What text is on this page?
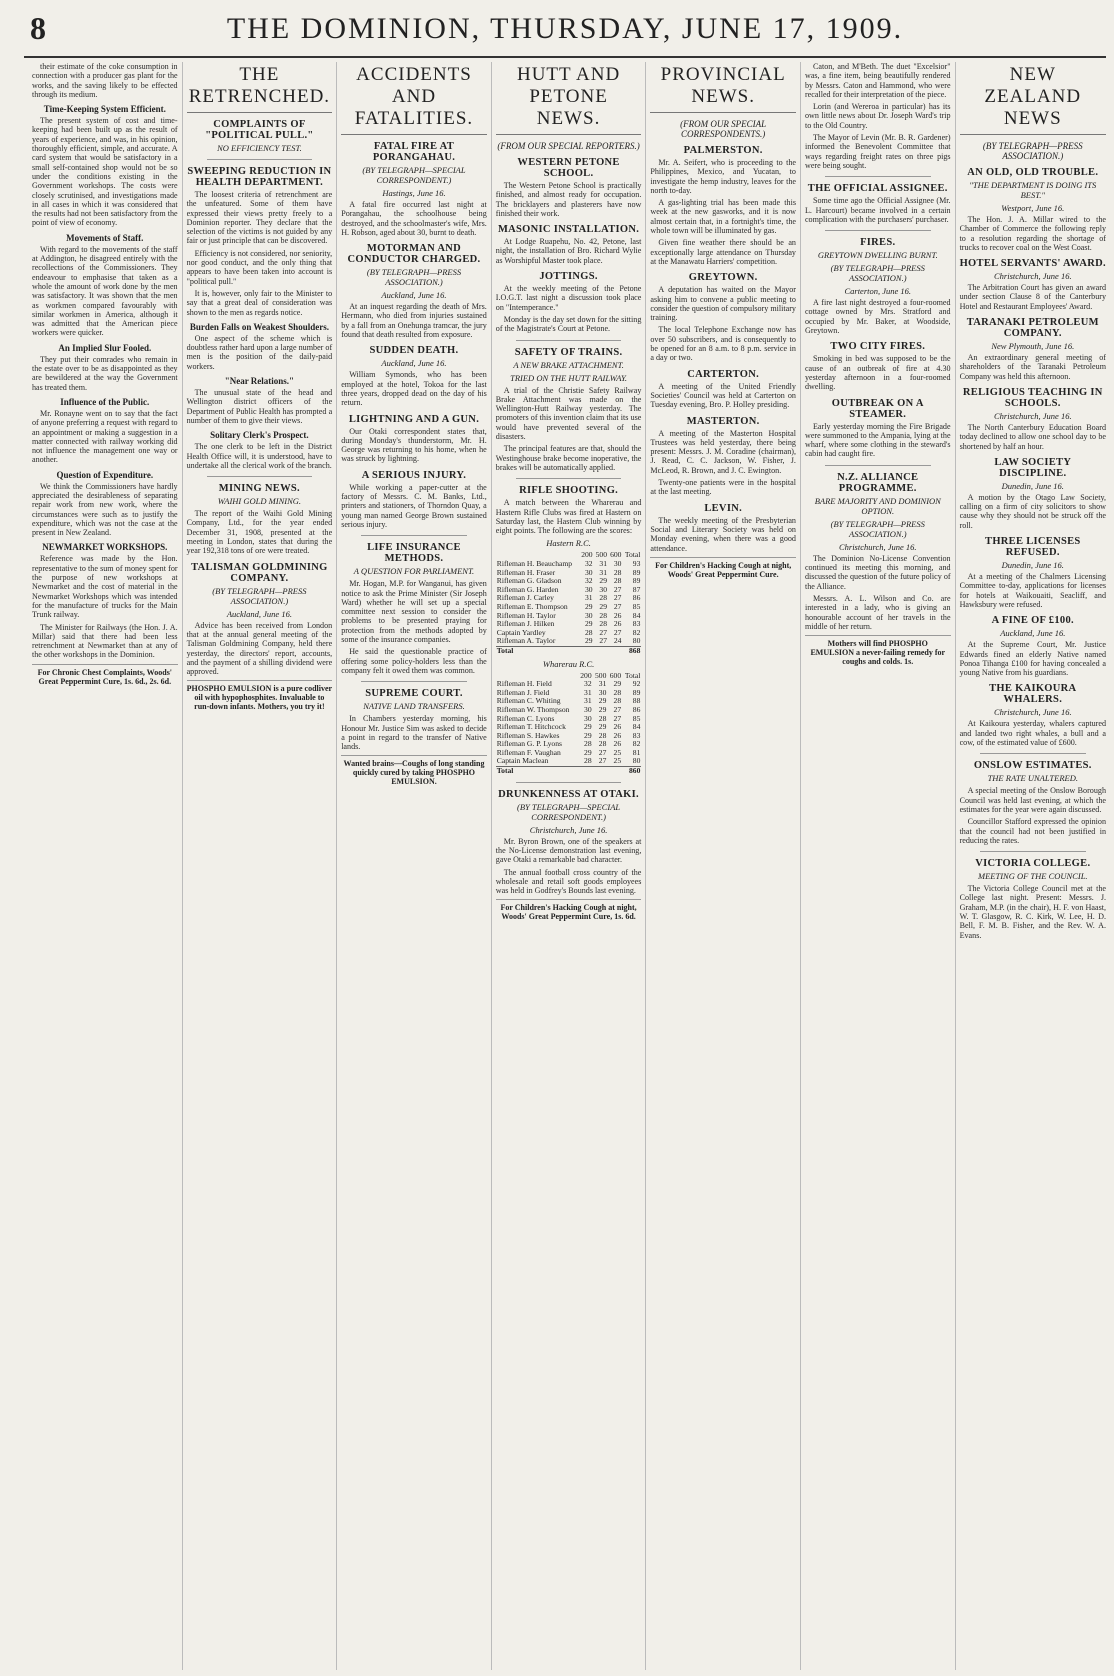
8	THE DOMINION, THURSDAY, JUNE 17, 1909.

their estimate of the coke consumption in connection with a producer gas plant for the works, and the saving likely to be effected through its medium.

Time-Keeping System Efficient.

The present system of cost and time-keeping had been built up as the result of years of experience, and was, in his opinion, thoroughly efficient, simple, and accurate. A card system that would be satisfactory in a small self-contained shop would not be so under the conditions existing in the Government workshops. The costs were closely scrutinised, and investigations made in all cases in which it was considered that the results had not been satisfactory from the point of view of economy.

Movements of Staff.

With regard to the movements of the staff at Addington, he disagreed entirely with the recollections of the Commissioners. They endeavour to emphasise that taken as a whole the amount of work done by the men was satisfactory. It was shown that the men as workmen compared favourably with similar workmen in America, although it was admitted that the American piece workers were quicker.

An Implied Slur Fooled.

They put their comrades who remain in the estate over to be as disappointed as they are bewildered at the way the Government has treated them.

Influence of the Public.

Mr. Ronayne went on to say that the fact of anyone preferring a request with regard to an appointment or making a suggestion in a matter connected with railway working did not influence the management one way or another.

Question of Expenditure.

We think the Commissioners have hardly appreciated the desirableness of separating repair work from new work, where the circumstances were such as to justify the expenditure, which was not the case at the present in New Zealand.

NEWMARKET WORKSHOPS.

Reference was made by the Hon. representative to the sum of money spent for the purpose of new workshops at Newmarket and the cost of material in the Newmarket Workshops which was intended for the manufacture of trucks for the Main Trunk railway.

The Minister for Railways (the Hon. J. A. Millar) said that there had been less retrenchment at Newmarket than at any of the other workshops in the Dominion.

For Chronic Chest Complaints, Woods' Great Peppermint Cure, 1s. 6d., 2s. 6d.
THE RETRENCHED.
COMPLAINTS OF "POLITICAL PULL."
NO EFFICIENCY TEST.
SWEEPING REDUCTION IN HEALTH DEPARTMENT.

The loosest criteria of retrenchment are the unfeatured. Some of them have expressed their views pretty freely to a Dominion reporter. They declare that the selection of the victims is not guided by any fair or just principle that can be discovered.

Efficiency is not considered, nor seniority, nor good conduct, and the only thing that appears to have been taken into account is "political pull."

It is, however, only fair to the Minister to say that a great deal of consideration was shown to the men as regards notice.

Burden Falls on Weakest Shoulders.

One aspect of the scheme which is doubtless rather hard upon a large number of men is the position of the daily-paid workers.

"Near Relations."

The unusual state of the head and Wellington district officers of the Department of Public Health has prompted a number of them to give their views.

Solitary Clerk's Prospect.

The one clerk to be left in the District Health Office will, it is understood, have to undertake all the clerical work of the branch.

MINING NEWS.
WAIHI GOLD MINING.

The report of the Waihi Gold Mining Company, Ltd., for the year ended December 31, 1908, presented at the meeting in London, states that during the year 192,318 tons of ore were treated.

TALISMAN GOLDMINING COMPANY.
(BY TELEGRAPH—PRESS ASSOCIATION.)
Auckland, June 16.

Advice has been received from London that at the annual general meeting of the Talisman Goldmining Company, held there yesterday, the directors' report, accounts, and the payment of a shilling dividend were approved.

PHOSPHO EMULSION is a pure codliver oil with hypophosphites. Invaluable to run-down infants. Mothers, you try it!
ACCIDENTS AND FATALITIES.
FATAL FIRE AT PORANGAHAU.
(BY TELEGRAPH—SPECIAL CORRESPONDENT.)
Hastings, June 16.

A fatal fire occurred last night at Porangahau, the schoolhouse being destroyed, and the schoolmaster's wife, Mrs. H. Robson, aged about 30, burnt to death.

MOTORMAN AND CONDUCTOR CHARGED.
(BY TELEGRAPH—PRESS ASSOCIATION.)
Auckland, June 16.

At an inquest regarding the death of Mrs. Hermann, who died from injuries sustained by a fall from an Onehunga tramcar, the jury found that death resulted from exposure.

SUDDEN DEATH.
Auckland, June 16.

William Symonds, who has been employed at the hotel, Tokoa for the last three years, dropped dead on the day of his return.

LIGHTNING AND A GUN.

Our Otaki correspondent states that, during Monday's thunderstorm, Mr. H. George was returning to his home, when he was struck by lightning.

A SERIOUS INJURY.

While working a paper-cutter at the factory of Messrs. C. M. Banks, Ltd., printers and stationers, of Thorndon Quay, a young man named George Brown sustained serious injury.

LIFE INSURANCE METHODS.
A QUESTION FOR PARLIAMENT.

Mr. Hogan, M.P. for Wanganui, has given notice to ask the Prime Minister (Sir Joseph Ward) whether he will set up a special committee next session to consider the problems to be presented praying for protection from the methods adopted by some of the insurance companies.

He said the questionable practice of offering some policy-holders less than the company felt it owed them was common.

SUPREME COURT.
NATIVE LAND TRANSFERS.

In Chambers yesterday morning, his Honour Mr. Justice Sim was asked to decide a point in regard to the transfer of Native lands.

Wanted brains—Coughs of long standing quickly cured by taking PHOSPHO EMULSION.
HUTT AND PETONE NEWS.
(FROM OUR SPECIAL REPORTERS.)
WESTERN PETONE SCHOOL.

The Western Petone School is practically finished, and almost ready for occupation. The bricklayers and plasterers have now finished their work.

MASONIC INSTALLATION.

At Lodge Ruapehu, No. 42, Petone, last night, the installation of Bro. Richard Wylie as Worshipful Master took place.

JOTTINGS.

At the weekly meeting of the Petone I.O.G.T. last night a discussion took place on "Intemperance."

Monday is the day set down for the sitting of the Magistrate's Court at Petone.

SAFETY OF TRAINS.
A NEW BRAKE ATTACHMENT.
TRIED ON THE HUTT RAILWAY.

A trial of the Christie Safety Railway Brake Attachment was made on the Wellington-Hutt Railway yesterday. The promoters of this invention claim that its use would have prevented several of the disasters.

The principal features are that, should the Westinghouse brake become inoperative, the brakes will be automatically applied.

RIFLE SHOOTING.

A match between the Wharerau and Hastern Rifle Clubs was fired at Hastern on Saturday last, the Hastern Club winning by eight points. The following are the scores:

Hastern R.C.
	200	500	600	Total
Rifleman H. Beauchamp	32	31	30	93
Rifleman H. Fraser	30	31	28	89
Rifleman G. Gladson	32	29	28	89
Rifleman G. Harden	30	30	27	87
Rifleman J. Carley	31	28	27	86
Rifleman E. Thompson	29	29	27	85
Rifleman H. Taylor	30	28	26	84
Rifleman J. Hilken	29	28	26	83
Captain Yardley	28	27	27	82
Rifleman A. Taylor	29	27	24	80
Total				868
Wharerau R.C.
	200	500	600	Total
Rifleman H. Field	32	31	29	92
Rifleman J. Field	31	30	28	89
Rifleman C. Whiting	31	29	28	88
Rifleman W. Thompson	30	29	27	86
Rifleman C. Lyons	30	28	27	85
Rifleman T. Hitchcock	29	29	26	84
Rifleman S. Hawkes	29	28	26	83
Rifleman G. P. Lyons	28	28	26	82
Rifleman F. Vaughan	29	27	25	81
Captain Maclean	28	27	25	80
Total				860
DRUNKENNESS AT OTAKI.
(BY TELEGRAPH—SPECIAL CORRESPONDENT.)
Christchurch, June 16.

Mr. Byron Brown, one of the speakers at the No-License demonstration last evening, gave Otaki a remarkable bad character.

The annual football cross country of the wholesale and retail soft goods employees was held in Godfrey's Bounds last evening.

For Children's Hacking Cough at night, Woods' Great Peppermint Cure, 1s. 6d.
PROVINCIAL NEWS.
(FROM OUR SPECIAL CORRESPONDENTS.)
PALMERSTON.

Mr. A. Seifert, who is proceeding to the Philippines, Mexico, and Yucatan, to investigate the hemp industry, leaves for the north to-day.

A gas-lighting trial has been made this week at the new gasworks, and it is now almost certain that, in a fortnight's time, the whole town will be illuminated by gas.

Given fine weather there should be an exceptionally large attendance on Thursday at the Manawatu Harriers' competition.

GREYTOWN.

A deputation has waited on the Mayor asking him to convene a public meeting to consider the question of compulsory military training.

The local Telephone Exchange now has over 50 subscribers, and is consequently to be opened for an 8 a.m. to 8 p.m. service in a day or two.

CARTERTON.

A meeting of the United Friendly Societies' Council was held at Carterton on Tuesday evening, Bro. P. Holley presiding.

MASTERTON.

A meeting of the Masterton Hospital Trustees was held yesterday, there being present: Messrs. J. M. Coradine (chairman), J. Read, C. C. Jackson, W. Fisher, J. McLeod, R. Brown, and J. C. Ewington.

Twenty-one patients were in the hospital at the last meeting.

LEVIN.

The weekly meeting of the Presbyterian Social and Literary Society was held on Monday evening, when there was a good attendance.

For Children's Hacking Cough at night, Woods' Great Peppermint Cure.

Caton, and M'Beth. The duet "Excelsior" was, a fine item, being beautifully rendered by Messrs. Caton and Hammond, who were recalled for their interpretation of the piece.

Lorin (and Wereroa in particular) has its own little news about Dr. Joseph Ward's trip to the Old Country.

The Mayor of Levin (Mr. B. R. Gardener) informed the Benevolent Committee that ways regarding freight rates on three pigs were being sought.

THE OFFICIAL ASSIGNEE.

Some time ago the Official Assignee (Mr. L. Harcourt) became involved in a certain complication with the purchasers' purchaser.

FIRES.
GREYTOWN DWELLING BURNT.
(BY TELEGRAPH—PRESS ASSOCIATION.)
Carterton, June 16.

A fire last night destroyed a four-roomed cottage owned by Mrs. Stratford and occupied by Mr. Baker, at Woodside, Greytown.

TWO CITY FIRES.

Smoking in bed was supposed to be the cause of an outbreak of fire at 4.30 yesterday afternoon in a four-roomed dwelling.

OUTBREAK ON A STEAMER.

Early yesterday morning the Fire Brigade were summoned to the Ampania, lying at the wharf, where some clothing in the steward's cabin had caught fire.

N.Z. ALLIANCE PROGRAMME.
BARE MAJORITY AND DOMINION OPTION.
(BY TELEGRAPH—PRESS ASSOCIATION.)
Christchurch, June 16.

The Dominion No-License Convention continued its meeting this morning, and discussed the question of the future policy of the Alliance.

Messrs. A. L. Wilson and Co. are interested in a lady, who is giving an honourable account of her travels in the middle of her return.

Mothers will find PHOSPHO EMULSION a never-failing remedy for coughs and colds. 1s.
NEW ZEALAND NEWS
(BY TELEGRAPH—PRESS ASSOCIATION.)
AN OLD, OLD TROUBLE.
"THE DEPARTMENT IS DOING ITS BEST."
Westport, June 16.

The Hon. J. A. Millar wired to the Chamber of Commerce the following reply to a resolution regarding the shortage of trucks to recover coal on the West Coast.

HOTEL SERVANTS' AWARD.
Christchurch, June 16.

The Arbitration Court has given an award under section Clause 8 of the Canterbury Hotel and Restaurant Employees' Award.

TARANAKI PETROLEUM COMPANY.
New Plymouth, June 16.

An extraordinary general meeting of shareholders of the Taranaki Petroleum Company was held this afternoon.

RELIGIOUS TEACHING IN SCHOOLS.
Christchurch, June 16.

The North Canterbury Education Board today declined to allow one school day to be shortened by half an hour.

LAW SOCIETY DISCIPLINE.
Dunedin, June 16.

A motion by the Otago Law Society, calling on a firm of city solicitors to show cause why they should not be struck off the roll.

THREE LICENSES REFUSED.
Dunedin, June 16.

At a meeting of the Chalmers Licensing Committee to-day, applications for licenses for hotels at Waikouaiti, Seacliff, and Hawksbury were refused.

A FINE OF £100.
Auckland, June 16.

At the Supreme Court, Mr. Justice Edwards fined an elderly Native named Ponoa Tihanga £100 for having concealed a young Native from his guardians.

THE KAIKOURA WHALERS.
Christchurch, June 16.

At Kaikoura yesterday, whalers captured and landed two right whales, a bull and a cow, of the estimated value of £600.

ONSLOW ESTIMATES.
THE RATE UNALTERED.

A special meeting of the Onslow Borough Council was held last evening, at which the estimates for the year were again discussed.

Councillor Stafford expressed the opinion that the council had not been justified in reducing the rates.

VICTORIA COLLEGE.
MEETING OF THE COUNCIL.

The Victoria College Council met at the College last night. Present: Messrs. J. Graham, M.P. (in the chair), H. F. von Haast, W. T. Glasgow, R. C. Kirk, W. Lee, H. D. Bell, F. M. B. Fisher, and the Rev. W. A. Evans.
